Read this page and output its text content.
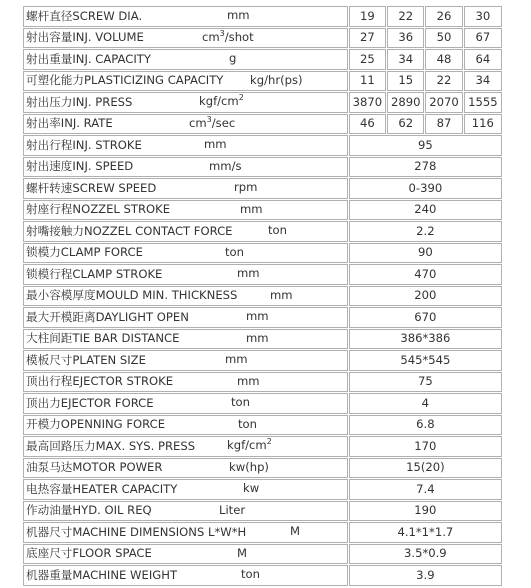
螺杆直径SCREW DIA. mm	19	22	26	30
射出容量INJ. VOLUME $cm^3$/shot	27	36	50	67
射出重量INJ. CAPACITY g	25	34	48	64
可塑化能力PLASTICIZING CAPACITY kg/hr(ps)	11	15	22	34
射出压力INJ. PRESS kgf/$cm^2$	3870	2890	2070	1555
射出率INJ. RATE $cm^3/\sec$	46	62	87	116
射出行程INJ. STROKE mm	95			
射出速度INJ. SPEED mm/s	278			
螺杆转速SCREW SPEED rpm	0-390			
射座行程NOZZEL STROKE mm	240			
射嘴接触力NOZZEL CONTACT FORCE ton	2.2			
锁模力CLAMP FORCE ton	90			
锁模行程CLAMP STROKE mm	470			
最小容模厚度MOULD MIN. THICKNESS mm	200			
最大开模距离DAYLIGHT OPEN mm	670			
大柱间距TIE BAR DISTANCE mm	386*386			
模板尺寸PLATEN SIZE mm	545*545			
顶出行程EJECTOR STROKE mm	75			
顶出力EJECTOR FORCE ton	4			
开模力OPENNING FORCE ton	6.8			
最高回路压力MAX. SYS. PRESS kgf/$cm^2$	170			
油泵马达MOTOR POWER kw(hp)	15(20)			
电热容量HEATER CAPACITY kw	7.4			
作动油量HYD. OIL REQ Liter	190			
机器尺寸MACHINE DIMENSIONS L*W*H M	4.1*1*1.7			
底座尺寸FLOOR SPACE M	3.5*0.9			
机器重量MACHINE WEIGHT ton	3.9			
